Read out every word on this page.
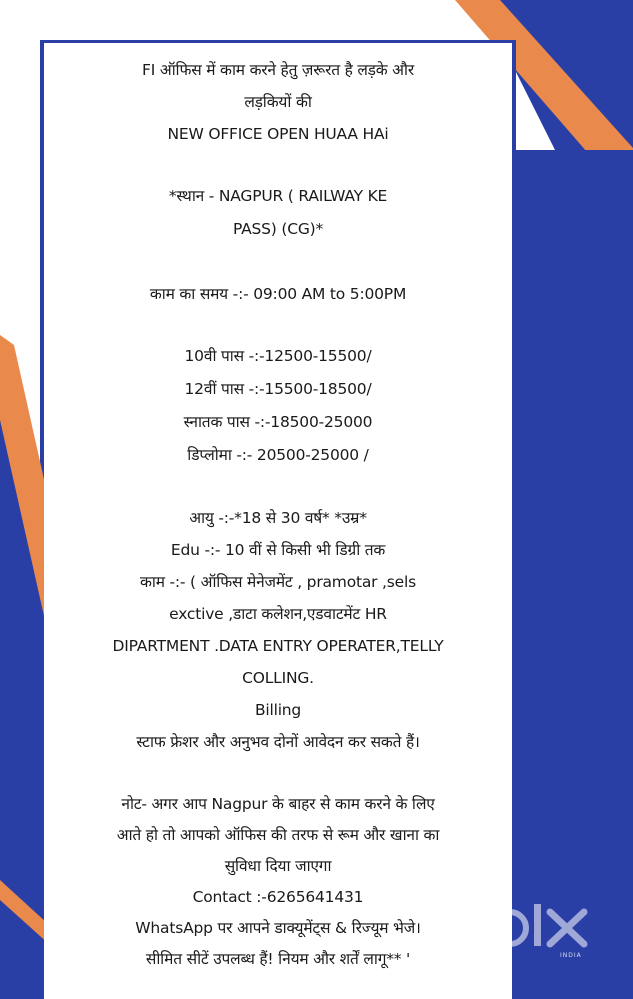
FI ऑफिस में काम करने हेतु ज़रूरत है लड़के और
लड़कियों की
NEW OFFICE OPEN HUAA HAi
*स्थान - NAGPUR ( RAILWAY KE
PASS) (CG)*
काम का समय -:- 09:00 AM to 5:00PM
10वी पास -:-12500-15500/
12वीं पास -:-15500-18500/
स्नातक पास -:-18500-25000
डिप्लोमा -:- 20500-25000 /
आयु -:-*18 से 30 वर्ष* *उम्र*
Edu -:- 10 वीं से किसी भी डिग्री तक
काम -:- ( ऑफिस मेनेजमेंट , pramotar ,sels
exctive ,डाटा कलेशन,एडवाटमेंट HR
DIPARTMENT .DATA ENTRY OPERATER,TELLY
COLLING.
Billing
स्टाफ फ्रेशर और अनुभव दोनों आवेदन कर सकते हैं।
नोट- अगर आप Nagpur के बाहर से काम करने के लिए
आते हो तो आपको ऑफिस की तरफ से रूम और खाना का
सुविधा दिया जाएगा
Contact :-6265641431
WhatsApp पर आपने डाक्यूमेंट्स & रिज्यूम भेजे।
सीमित सीटें उपलब्ध हैं! नियम और शर्तें लागू** '	INDIA
